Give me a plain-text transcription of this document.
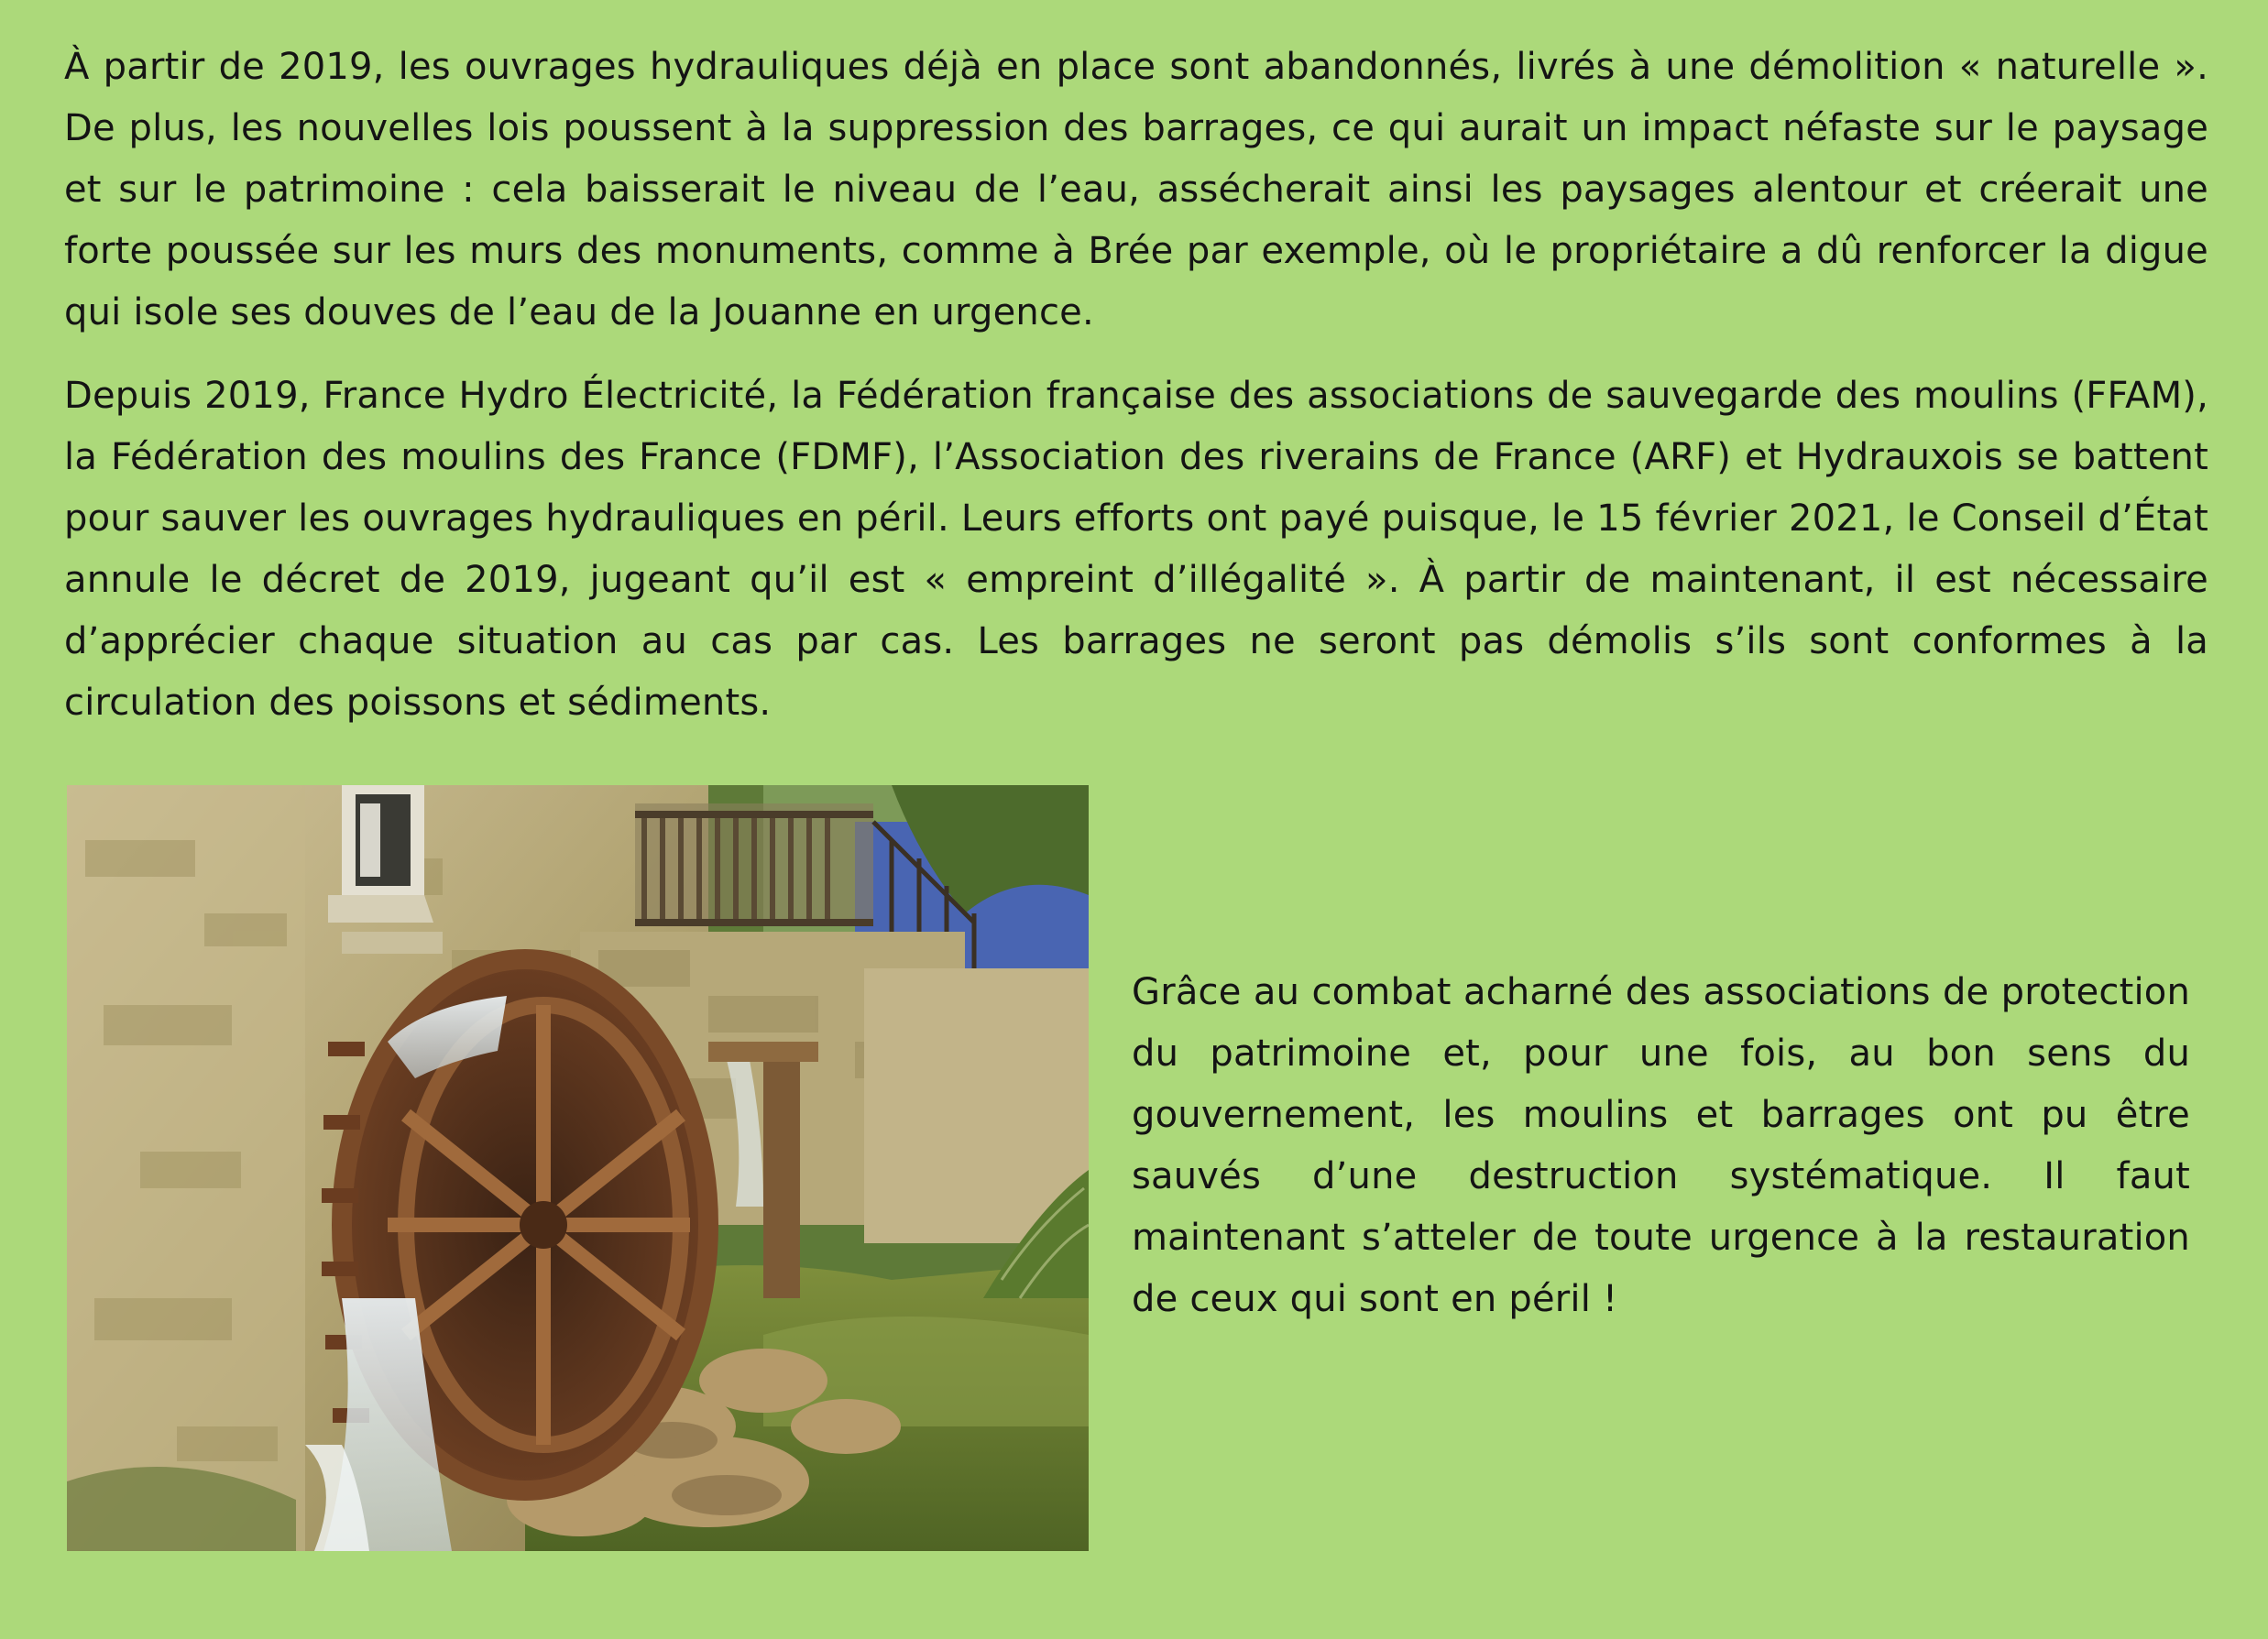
À partir de 2019, les ouvrages hydrauliques déjà en place sont abandonnés, livrés à une démolition « naturelle ». De plus, les nouvelles lois poussent à la suppression des barrages, ce qui aurait un impact néfaste sur le paysage et sur le patrimoine : cela baisserait le niveau de l’eau, assécherait ainsi les paysages alentour et créerait une forte poussée sur les murs des monuments, comme à Brée par exemple, où le propriétaire a dû renforcer la digue qui isole ses douves de l’eau de la Jouanne en urgence.

Depuis 2019, France Hydro Électricité, la Fédération française des associations de sauvegarde des moulins (FFAM), la Fédération des moulins des France (FDMF), l’Association des riverains de France (ARF) et Hydrauxois se battent pour sauver les ouvrages hydrauliques en péril. Leurs efforts ont payé puisque, le 15 février 2021, le Conseil d’État annule le décret de 2019, jugeant qu’il est « empreint d’illégalité ». À partir de maintenant, il est nécessaire d’apprécier chaque situation au cas par cas. Les barrages ne seront pas démolis s’ils sont conformes à la circulation des poissons et sédiments.

Grâce au combat acharné des associations de protection du patrimoine et, pour une fois, au bon sens du gouvernement, les moulins et barrages ont pu être sauvés d’une destruction systématique. Il faut maintenant s’atteler de toute urgence à la restauration de ceux qui sont en péril !
